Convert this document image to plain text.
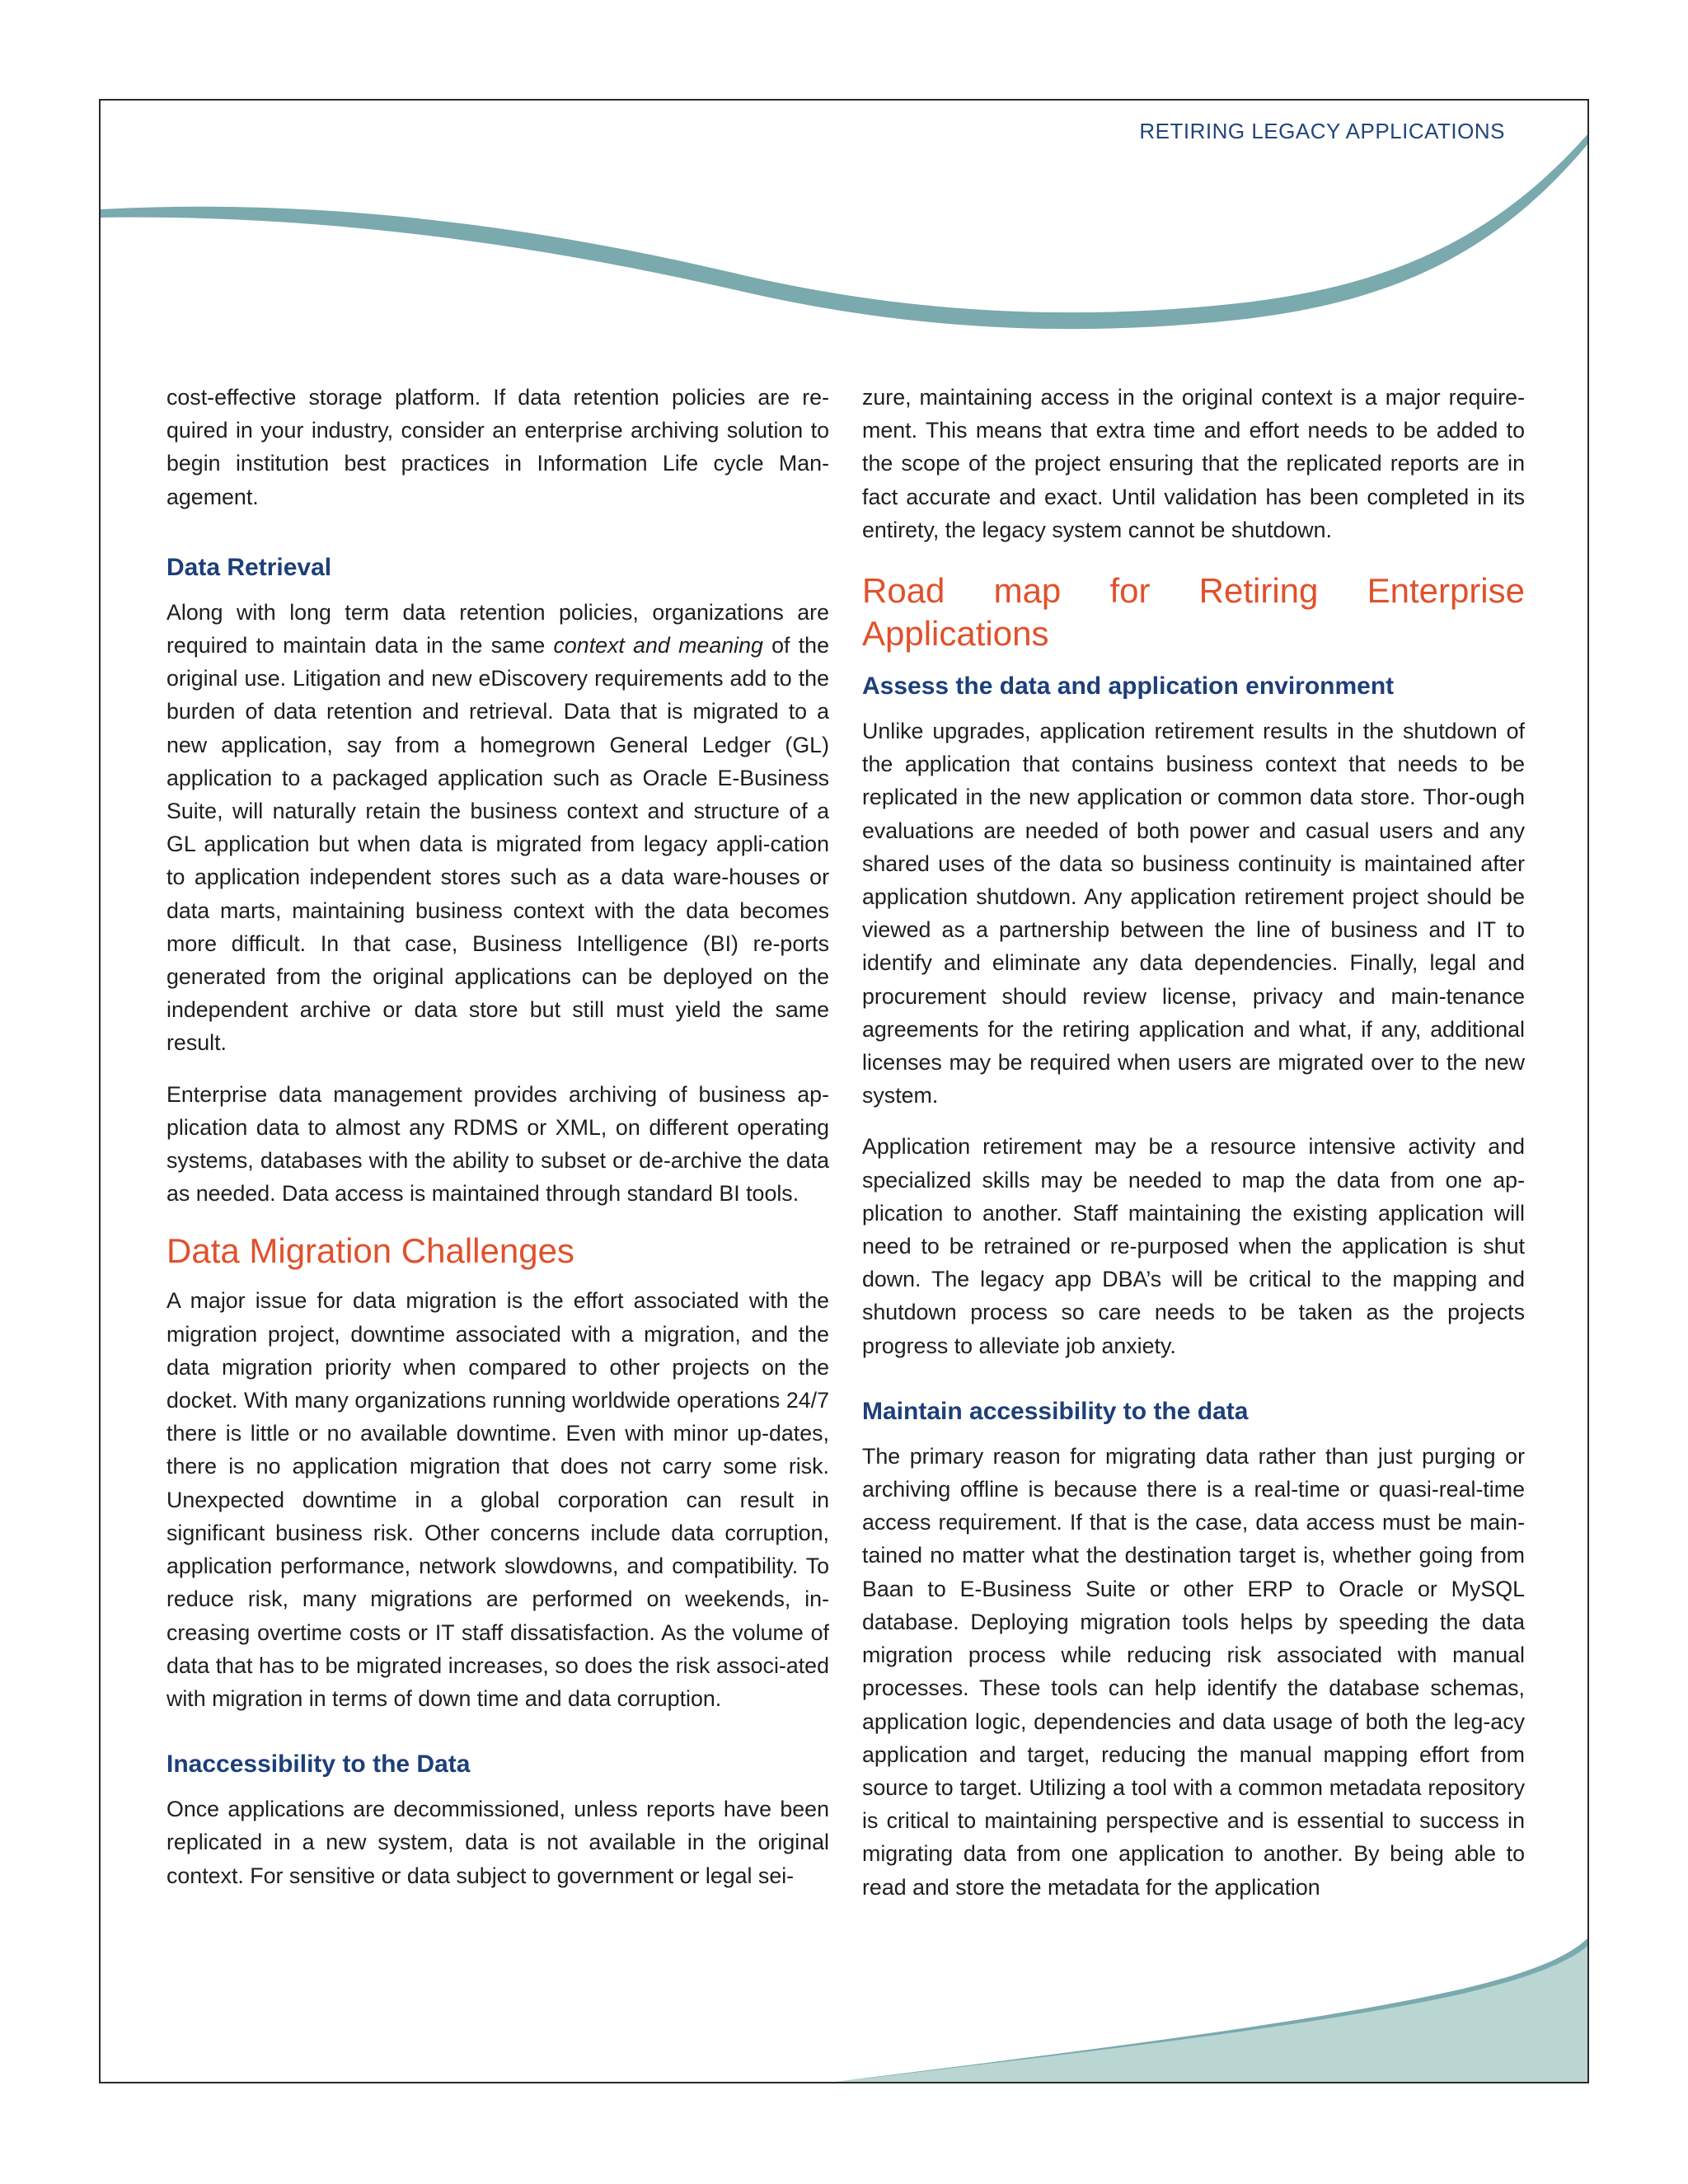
RETIRING LEGACY APPLICATIONS

cost-effective storage platform. If data retention policies are re-quired in your industry, consider an enterprise archiving solution to begin institution best practices in Information Life cycle Man-agement.

Data Retrieval

Along with long term data retention policies, organizations are required to maintain data in the same context and meaning of the original use. Litigation and new eDiscovery requirements add to the burden of data retention and retrieval. Data that is migrated to a new application, say from a homegrown General Ledger (GL) application to a packaged application such as Oracle E-Business Suite, will naturally retain the business context and structure of a GL application but when data is migrated from legacy appli-cation to application independent stores such as a data ware-houses or data marts, maintaining business context with the data becomes more difficult. In that case, Business Intelligence (BI) re-ports generated from the original applications can be deployed on the independent archive or data store but still must yield the same result.

Enterprise data management provides archiving of business ap-plication data to almost any RDMS or XML, on different operating systems, databases with the ability to subset or de-archive the data as needed. Data access is maintained through standard BI tools.

Data Migration Challenges

A major issue for data migration is the effort associated with the migration project, downtime associated with a migration, and the data migration priority when compared to other projects on the docket. With many organizations running worldwide operations 24/7 there is little or no available downtime. Even with minor up-dates, there is no application migration that does not carry some risk. Unexpected downtime in a global corporation can result in significant business risk. Other concerns include data corruption, application performance, network slowdowns, and compatibility. To reduce risk, many migrations are performed on weekends, in-creasing overtime costs or IT staff dissatisfaction. As the volume of data that has to be migrated increases, so does the risk associ-ated with migration in terms of down time and data corruption.

Inaccessibility to the Data

Once applications are decommissioned, unless reports have been replicated in a new system, data is not available in the original context. For sensitive or data subject to government or legal sei-

zure, maintaining access in the original context is a major require-ment. This means that extra time and effort needs to be added to the scope of the project ensuring that the replicated reports are in fact accurate and exact. Until validation has been completed in its entirety, the legacy system cannot be shutdown.

Road map for Retiring Enterprise Applications
Assess the data and application environment

Unlike upgrades, application retirement results in the shutdown of the application that contains business context that needs to be replicated in the new application or common data store. Thor-ough evaluations are needed of both power and casual users and any shared uses of the data so business continuity is maintained after application shutdown. Any application retirement project should be viewed as a partnership between the line of business and IT to identify and eliminate any data dependencies. Finally, legal and procurement should review license, privacy and main-tenance agreements for the retiring application and what, if any, additional licenses may be required when users are migrated over to the new system.

Application retirement may be a resource intensive activity and specialized skills may be needed to map the data from one ap-plication to another. Staff maintaining the existing application will need to be retrained or re-purposed when the application is shut down. The legacy app DBA’s will be critical to the mapping and shutdown process so care needs to be taken as the projects progress to alleviate job anxiety.

Maintain accessibility to the data

The primary reason for migrating data rather than just purging or archiving offline is because there is a real-time or quasi-real-time access requirement. If that is the case, data access must be main-tained no matter what the destination target is, whether going from Baan to E-Business Suite or other ERP to Oracle or MySQL database. Deploying migration tools helps by speeding the data migration process while reducing risk associated with manual processes. These tools can help identify the database schemas, application logic, dependencies and data usage of both the leg-acy application and target, reducing the manual mapping effort from source to target. Utilizing a tool with a common metadata repository is critical to maintaining perspective and is essential to success in migrating data from one application to another. By being able to read and store the metadata for the application
